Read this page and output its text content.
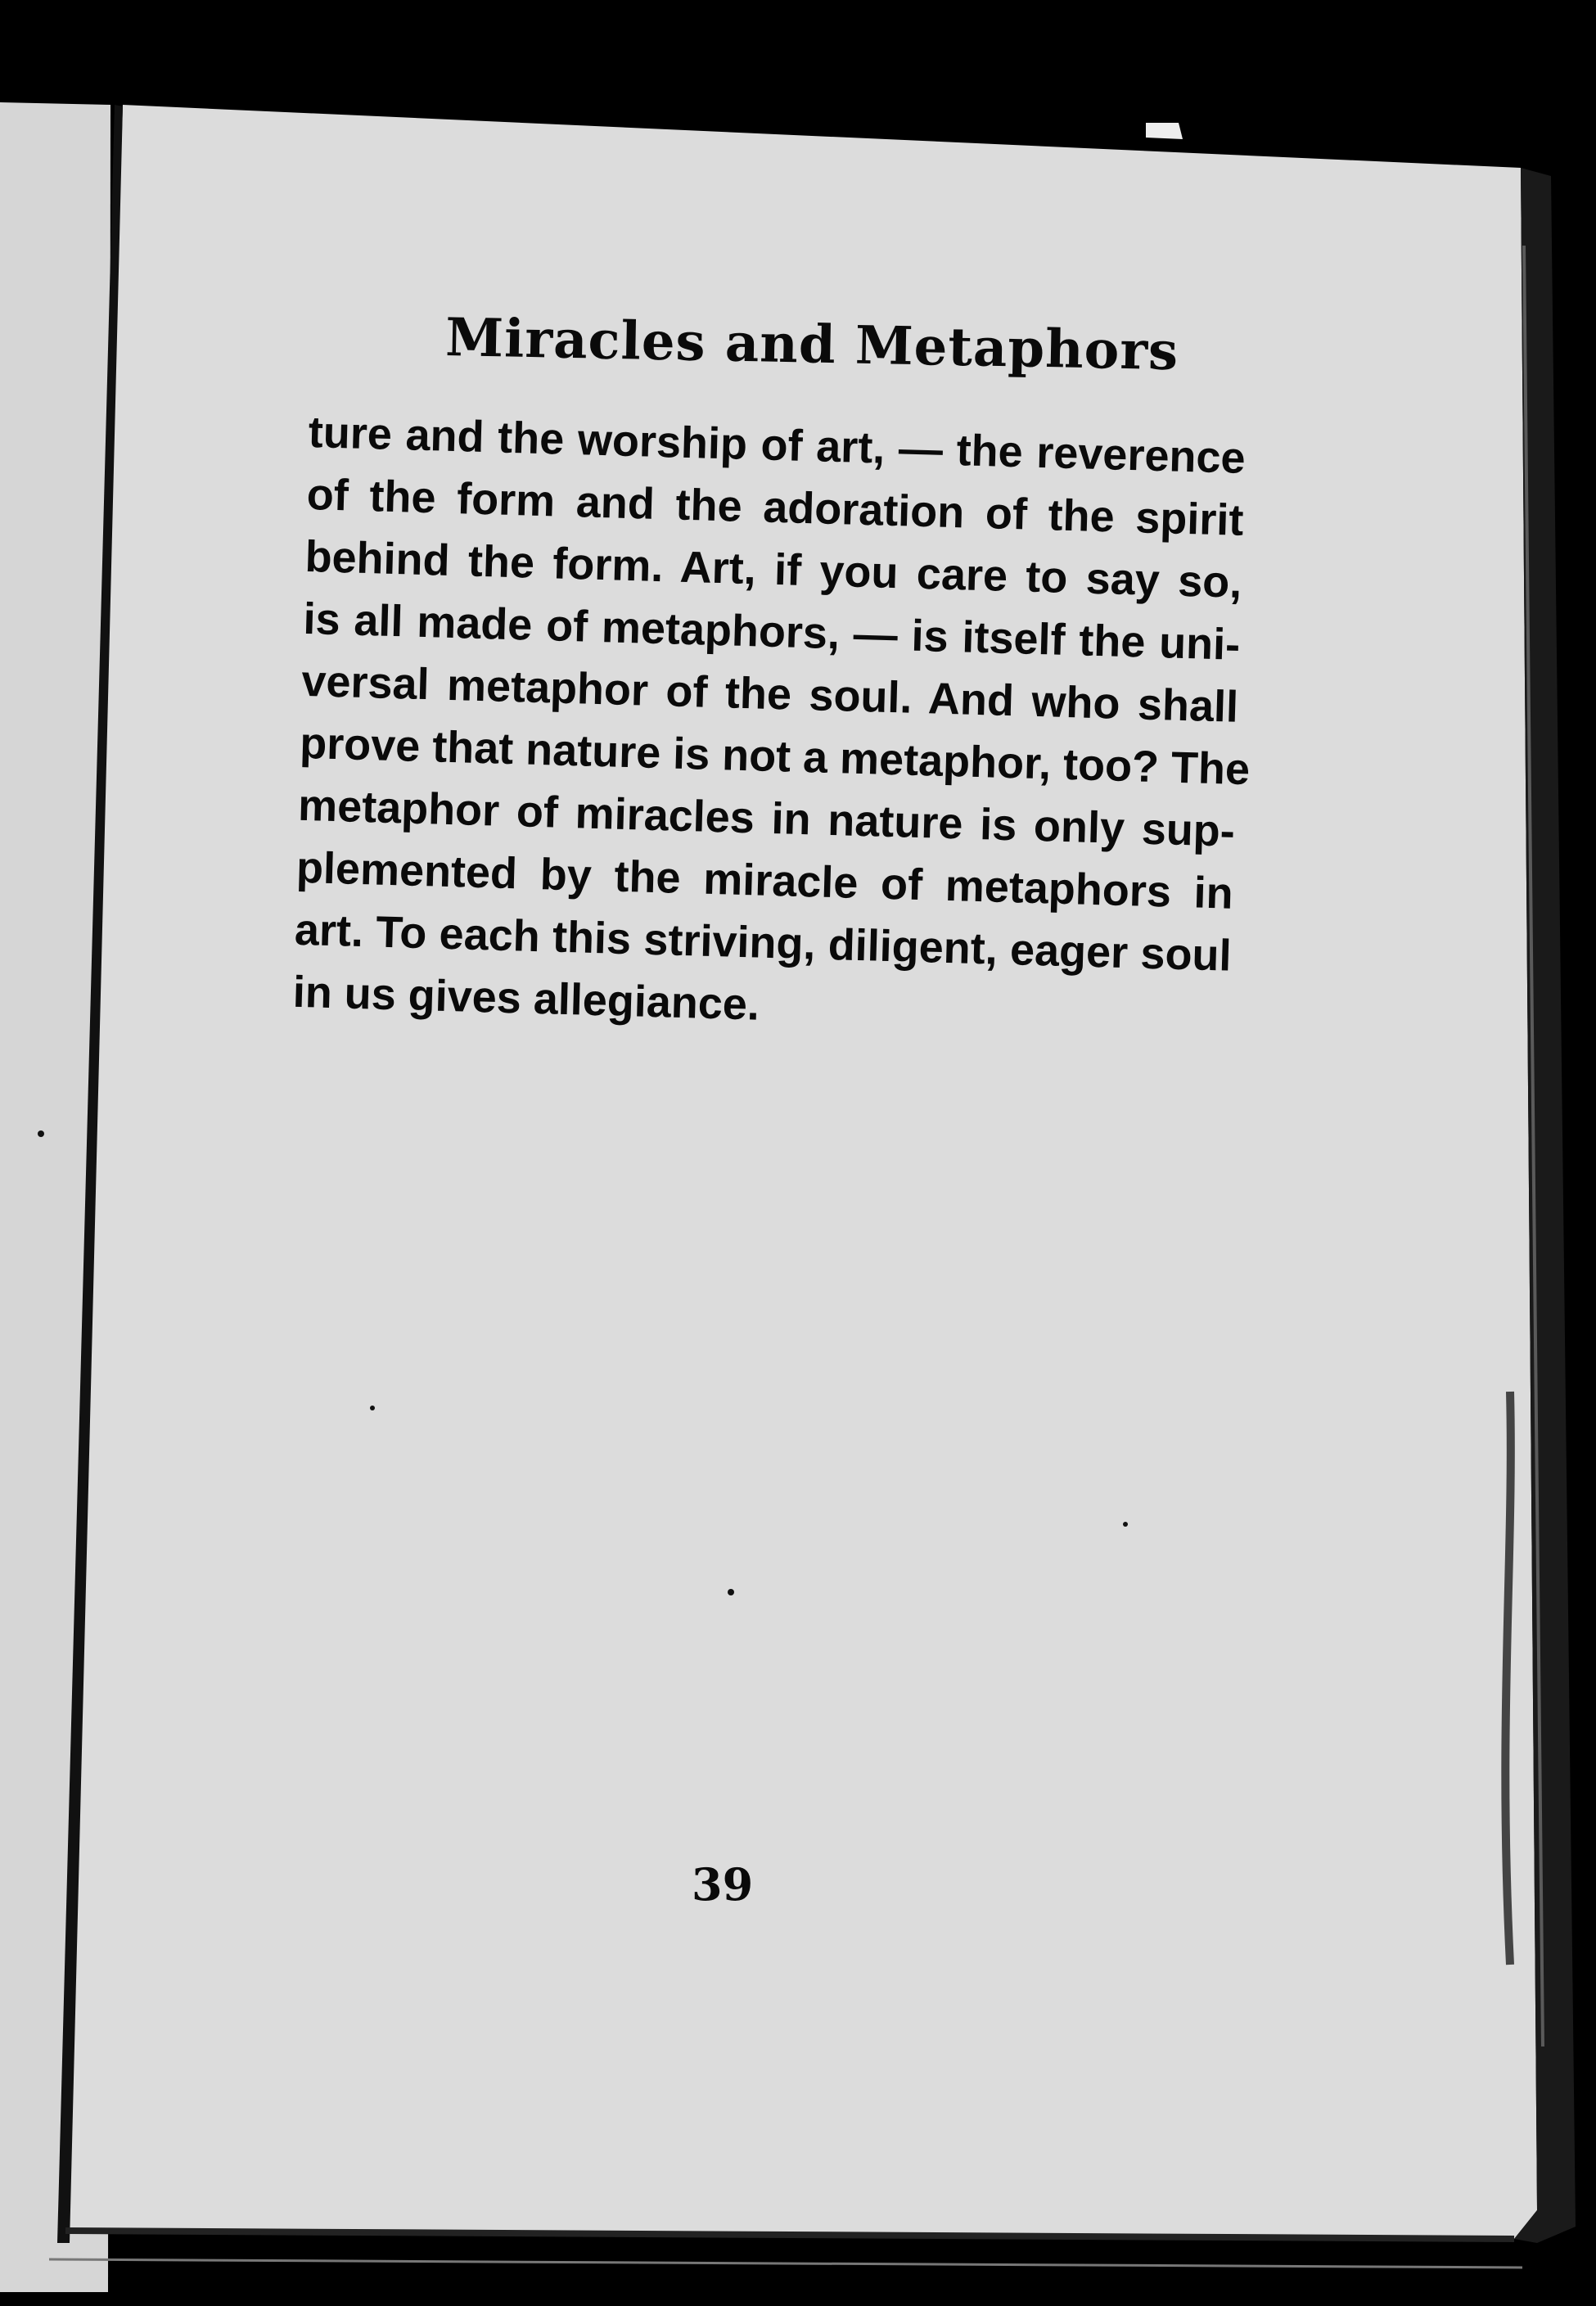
Miracles and Metaphors
ture and the worship of art, — the reverence
of the form and the adoration of the spirit
behind the form. Art, if you care to say so,
is all made of metaphors, — is itself the uni-
versal metaphor of the soul. And who shall
prove that nature is not a metaphor, too? The
metaphor of miracles in nature is only sup-
plemented by the miracle of metaphors in
art. To each this striving, diligent, eager soul
in us gives allegiance.
39
